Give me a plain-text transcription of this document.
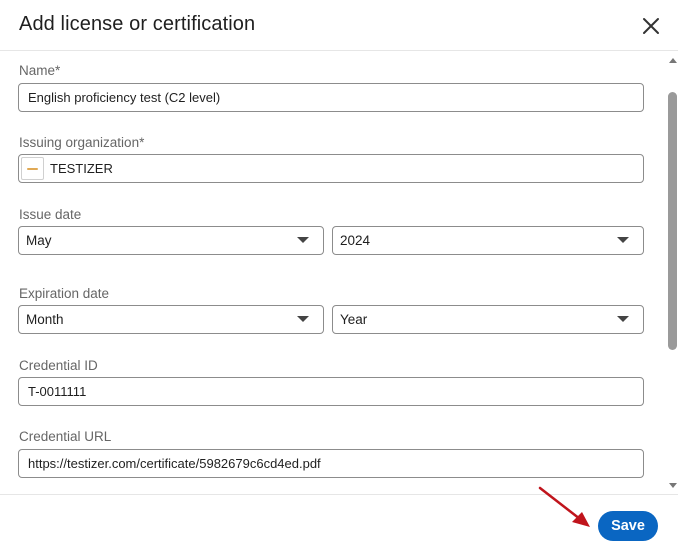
Add license or certification
Name*
English proficiency test (C2 level)
Issuing organization*
TESTIZER
Issue date
May	2024
Expiration date
Month	Year
Credential ID
T-0011111
Credential URL
https://testizer.com/certificate/5982679c6cd4ed.pdf
Save
